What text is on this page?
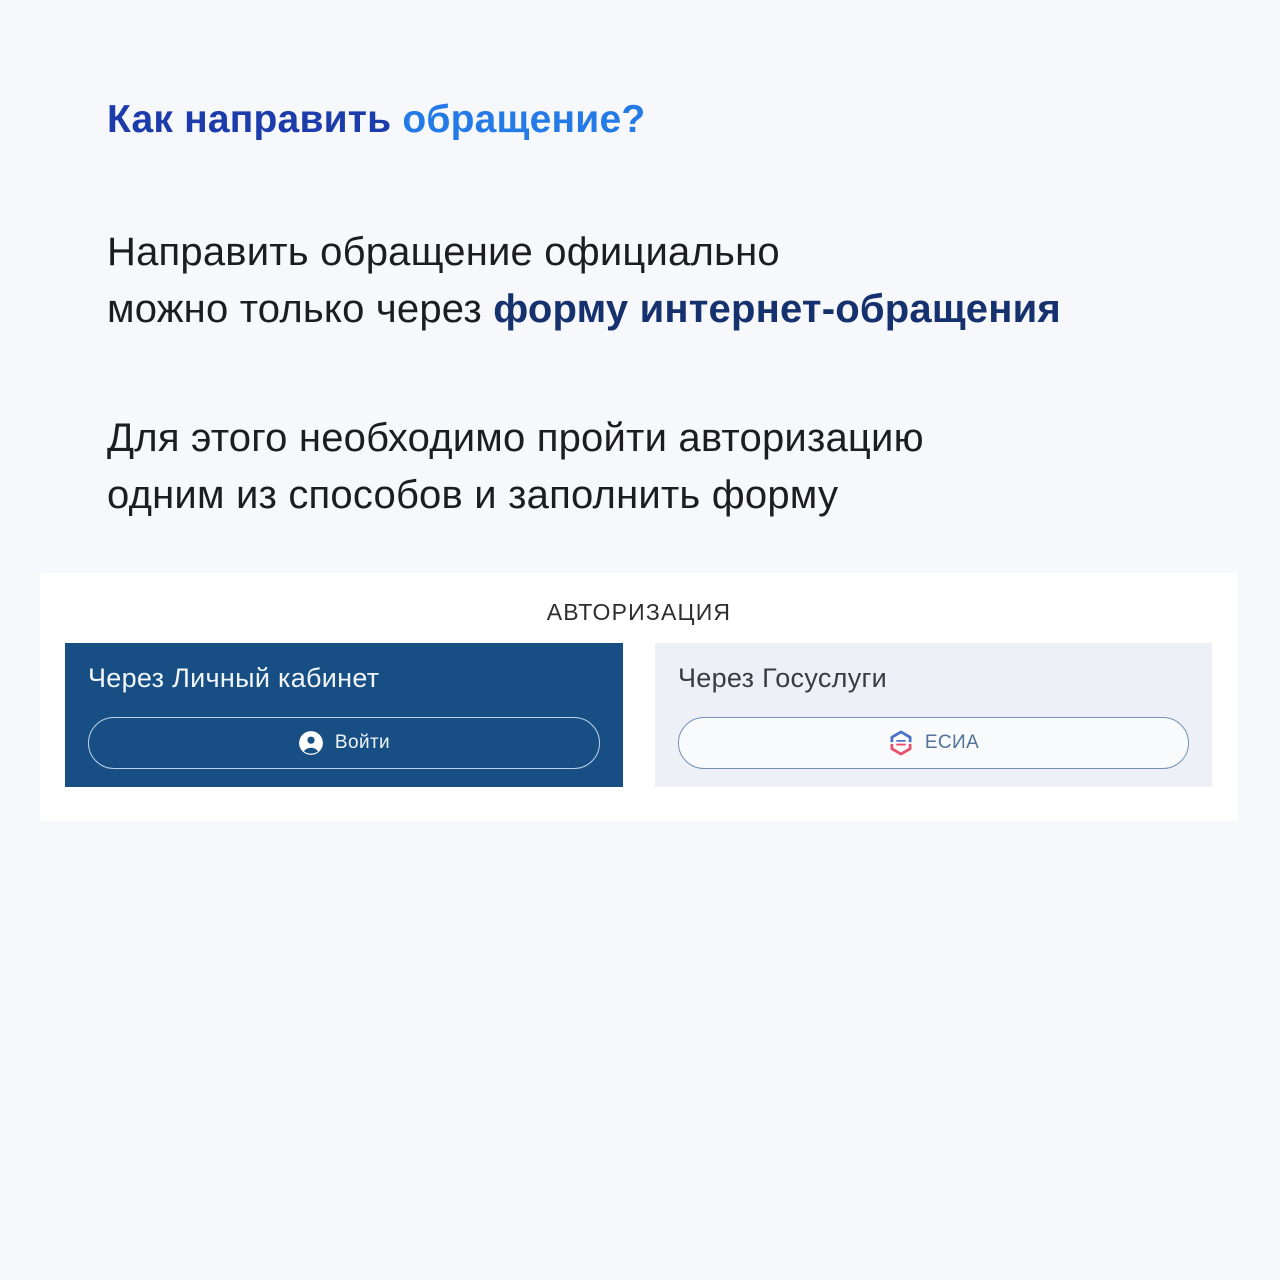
Как направить обращение?
Направить обращение официально
можно только через форму интернет-обращения
Для этого необходимо пройти авторизацию
одним из способов и заполнить форму
АВТОРИЗАЦИЯ
Через Личный кабинет
Войти
Через Госуслуги
ЕСИА
